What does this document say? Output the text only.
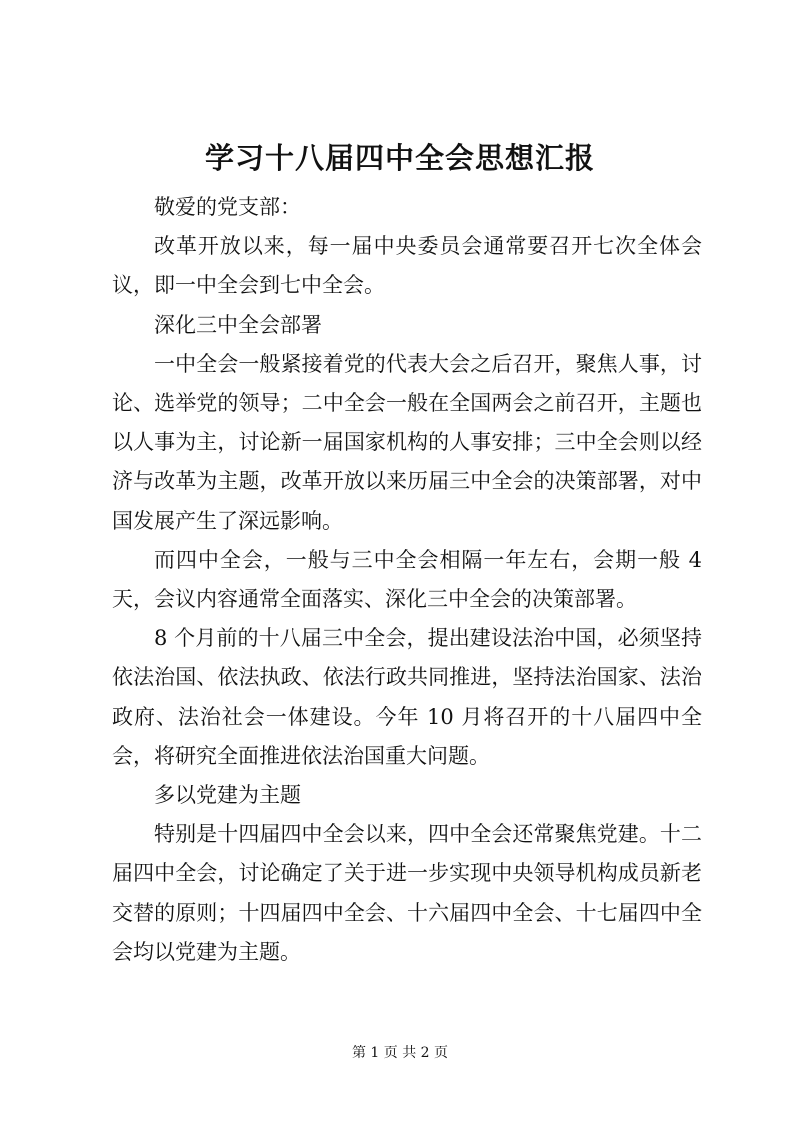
学习十八届四中全会思想汇报

敬爱的党支部：

改革开放以来，每一届中央委员会通常要召开七次全体会议，即一中全会到七中全会。

深化三中全会部署

一中全会一般紧接着党的代表大会之后召开，聚焦人事，讨论、选举党的领导；二中全会一般在全国两会之前召开，主题也以人事为主，讨论新一届国家机构的人事安排；三中全会则以经济与改革为主题，改革开放以来历届三中全会的决策部署，对中国发展产生了深远影响。

而四中全会，一般与三中全会相隔一年左右，会期一般 4 天，会议内容通常全面落实、深化三中全会的决策部署。

8 个月前的十八届三中全会，提出建设法治中国，必须坚持依法治国、依法执政、依法行政共同推进，坚持法治国家、法治政府、法治社会一体建设。今年 10 月将召开的十八届四中全会，将研究全面推进依法治国重大问题。

多以党建为主题

特别是十四届四中全会以来，四中全会还常聚焦党建。十二届四中全会，讨论确定了关于进一步实现中央领导机构成员新老交替的原则；十四届四中全会、十六届四中全会、十七届四中全会均以党建为主题。

第 1 页 共 2 页
